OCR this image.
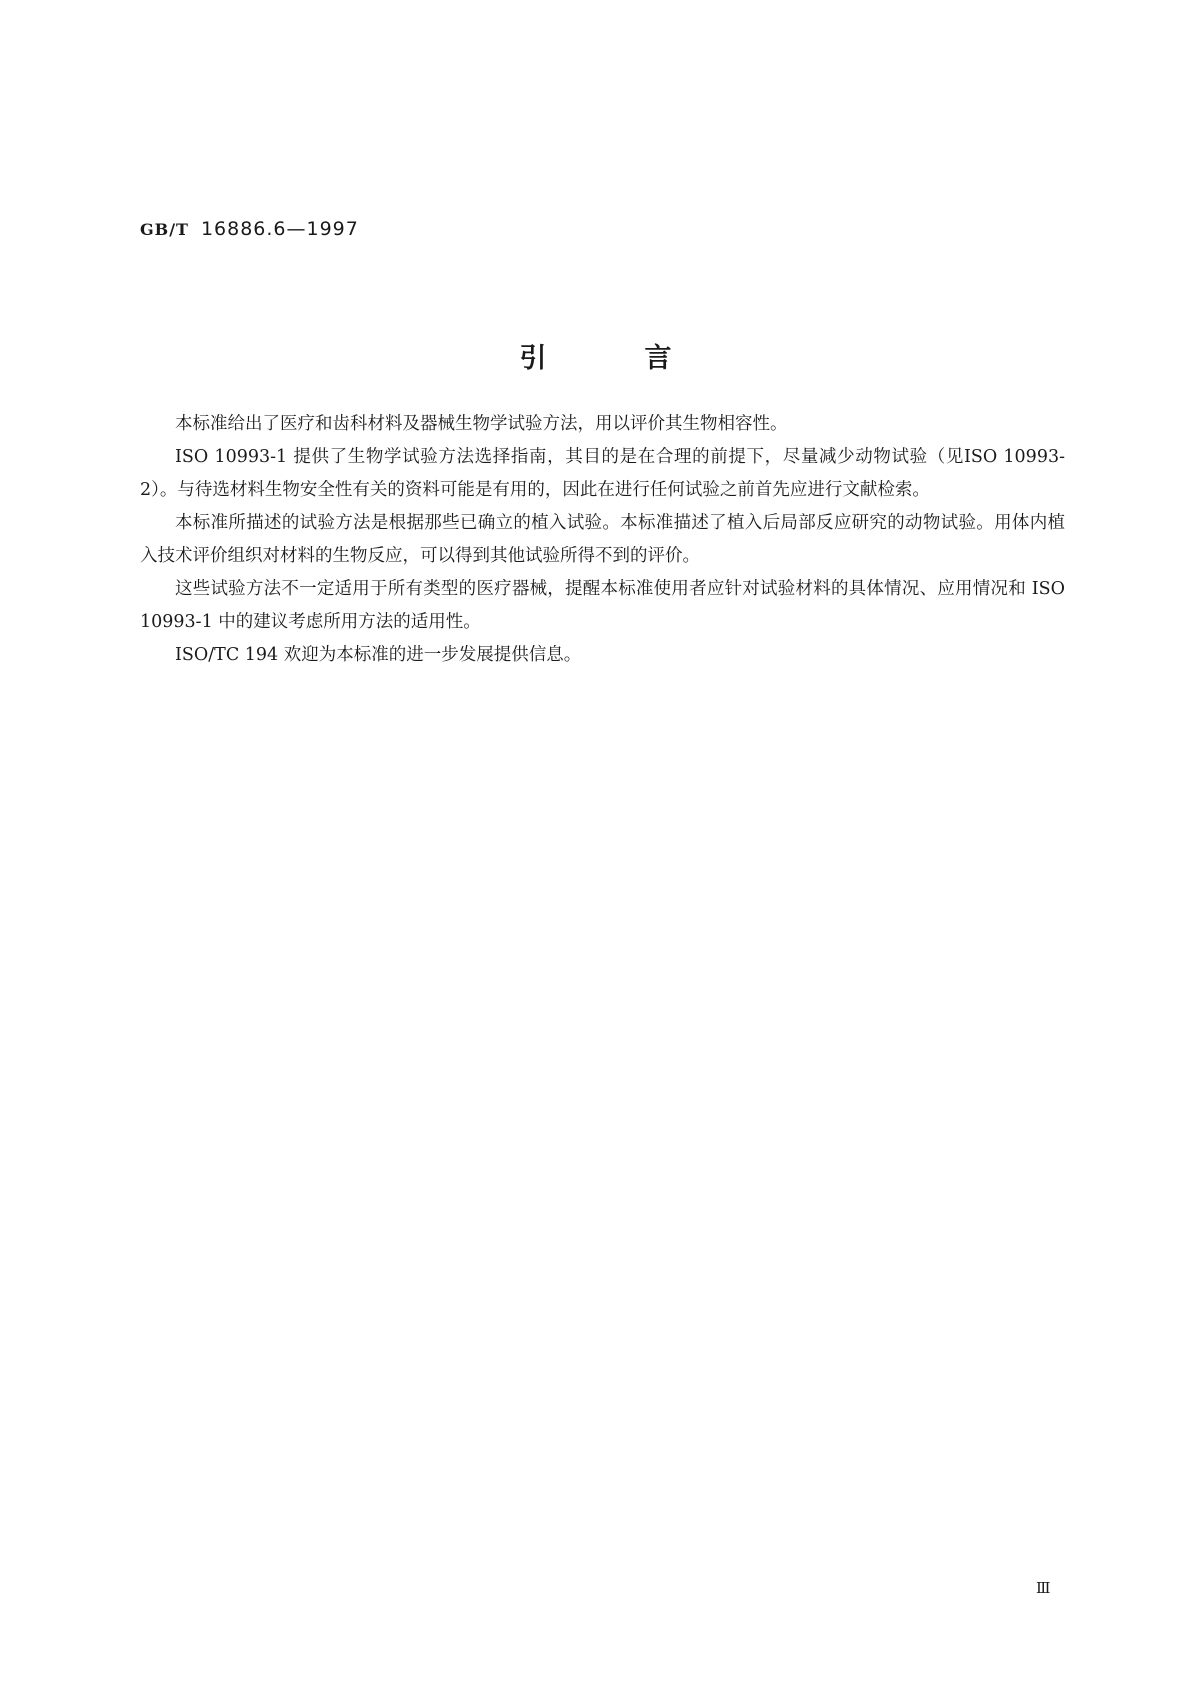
GB/T 16886.6—1997
引言

本标准给出了医疗和齿科材料及器械生物学试验方法，用以评价其生物相容性。

ISO 10993-1 提供了生物学试验方法选择指南，其目的是在合理的前提下，尽量减少动物试验（见ISO 10993-2）。与待选材料生物安全性有关的资料可能是有用的，因此在进行任何试验之前首先应进行文献检索。

本标准所描述的试验方法是根据那些已确立的植入试验。本标准描述了植入后局部反应研究的动物试验。用体内植入技术评价组织对材料的生物反应，可以得到其他试验所得不到的评价。

这些试验方法不一定适用于所有类型的医疗器械，提醒本标准使用者应针对试验材料的具体情况、应用情况和 ISO 10993-1 中的建议考虑所用方法的适用性。

ISO/TC 194 欢迎为本标准的进一步发展提供信息。

Ⅲ
